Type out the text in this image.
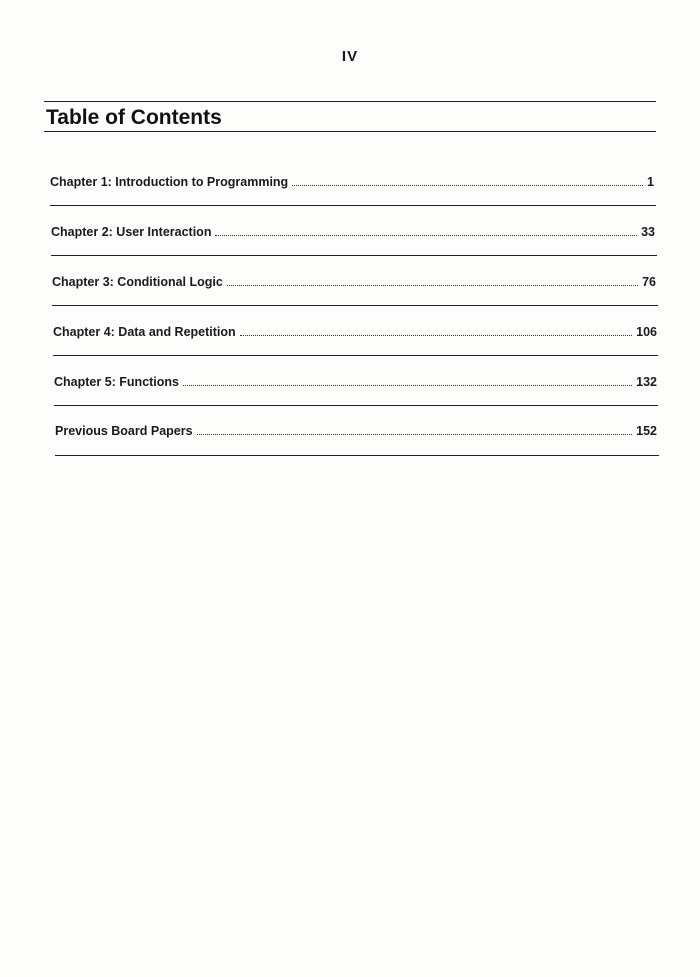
IV
Table of Contents
Chapter 1: Introduction to Programming	1
Chapter 2: User Interaction	33
Chapter 3: Conditional Logic	76
Chapter 4: Data and Repetition	106
Chapter 5: Functions	132
Previous Board Papers	152
